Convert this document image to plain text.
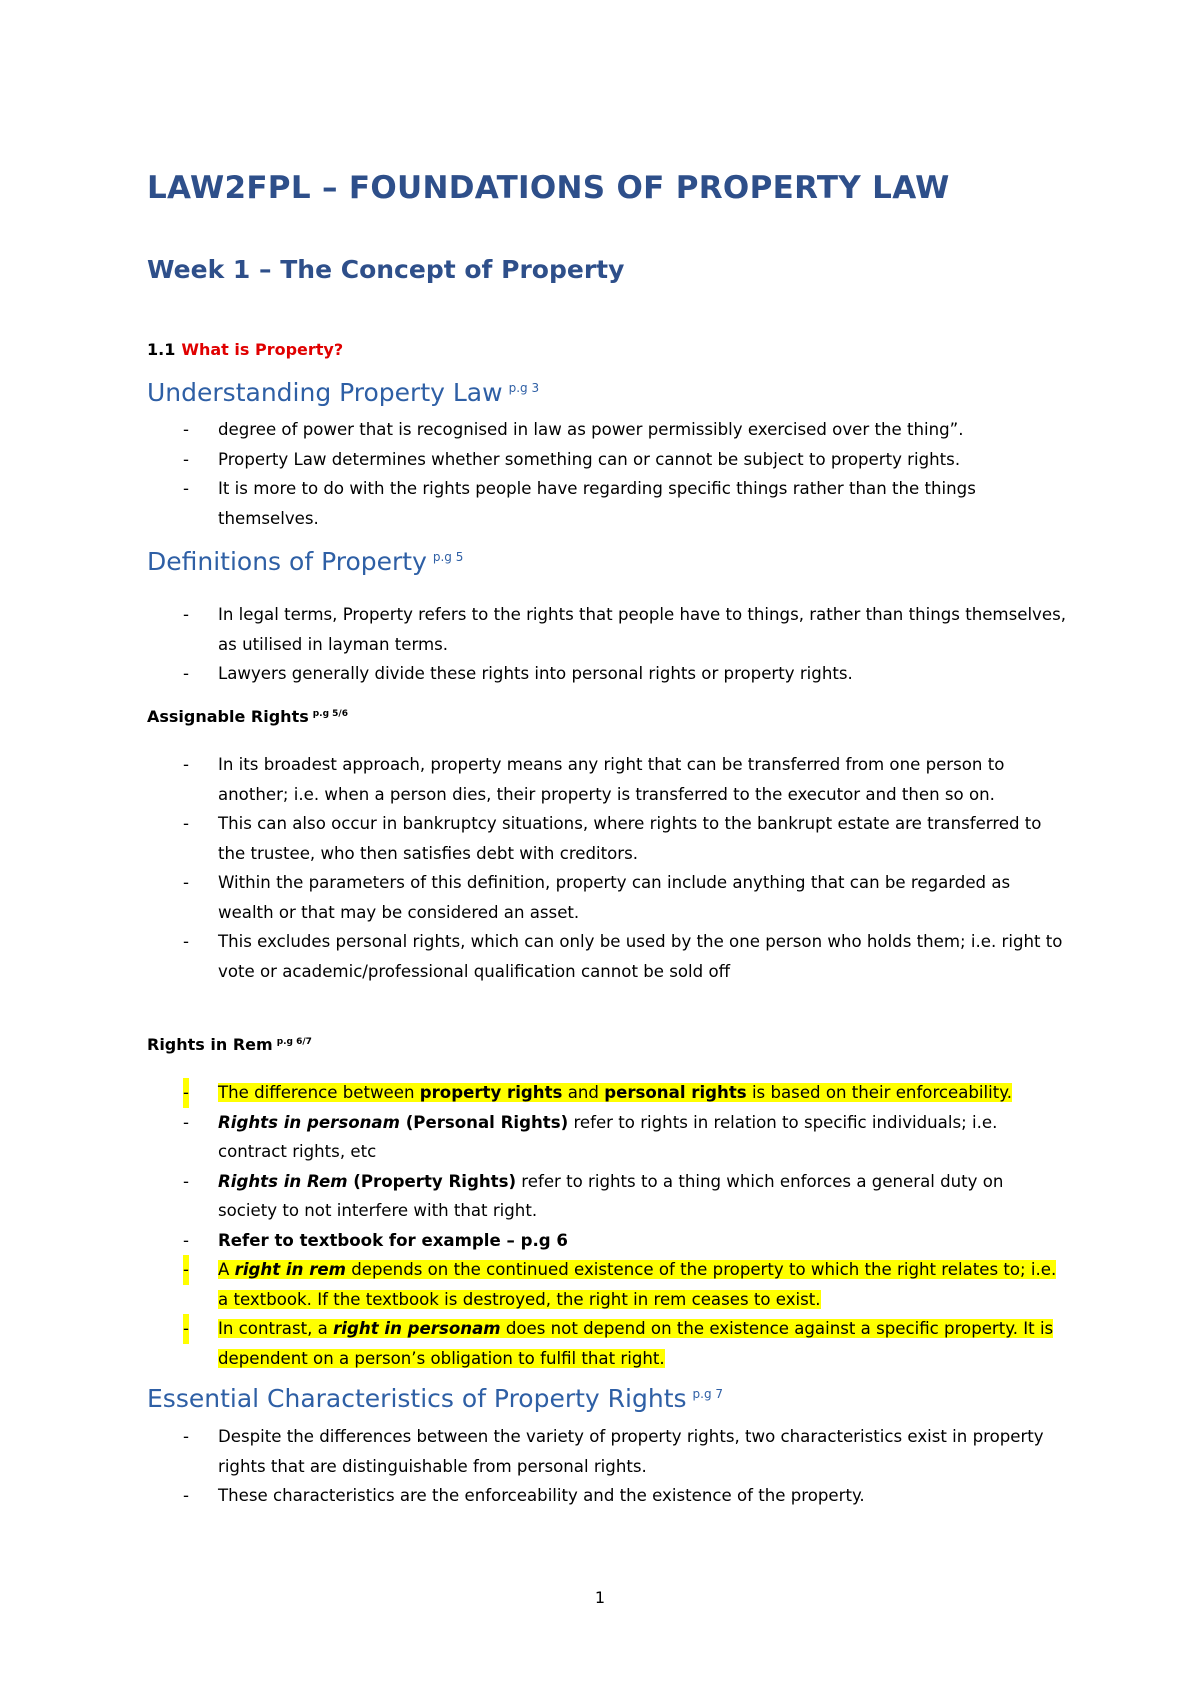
LAW2FPL – FOUNDATIONS OF PROPERTY LAW
Week 1 – The Concept of Property
1.1 What is Property?
Understanding Property Law $^{p.g 3}$
- degree of power that is recognised in law as power permissibly exercised over the thing”.
- Property Law determines whether something can or cannot be subject to property rights.
- It is more to do with the rights people have regarding specific things rather than the things themselves.
Definitions of Property $^{p.g 5}$
- In legal terms, Property refers to the rights that people have to things, rather than things themselves, as utilised in layman terms.
- Lawyers generally divide these rights into personal rights or property rights.
Assignable Rights $^{p.g 5/6}$
- In its broadest approach, property means any right that can be transferred from one person to another; i.e. when a person dies, their property is transferred to the executor and then so on.
- This can also occur in bankruptcy situations, where rights to the bankrupt estate are transferred to the trustee, who then satisfies debt with creditors.
- Within the parameters of this definition, property can include anything that can be regarded as wealth or that may be considered an asset.
- This excludes personal rights, which can only be used by the one person who holds them; i.e. right to vote or academic/professional qualification cannot be sold off
Rights in Rem $^{p.g 6/7}$
- The difference between property rights and personal rights is based on their enforceability.
- Rights in personam (Personal Rights) refer to rights in relation to specific individuals; i.e. contract rights, etc
- Rights in Rem (Property Rights) refer to rights to a thing which enforces a general duty on society to not interfere with that right.
- Refer to textbook for example – p.g 6
- A right in rem depends on the continued existence of the property to which the right relates to; i.e. a textbook. If the textbook is destroyed, the right in rem ceases to exist.
- In contrast, a right in personam does not depend on the existence against a specific property. It is dependent on a person’s obligation to fulfil that right.
Essential Characteristics of Property Rights $^{p.g 7}$
- Despite the differences between the variety of property rights, two characteristics exist in property rights that are distinguishable from personal rights.
- These characteristics are the enforceability and the existence of the property.
1
